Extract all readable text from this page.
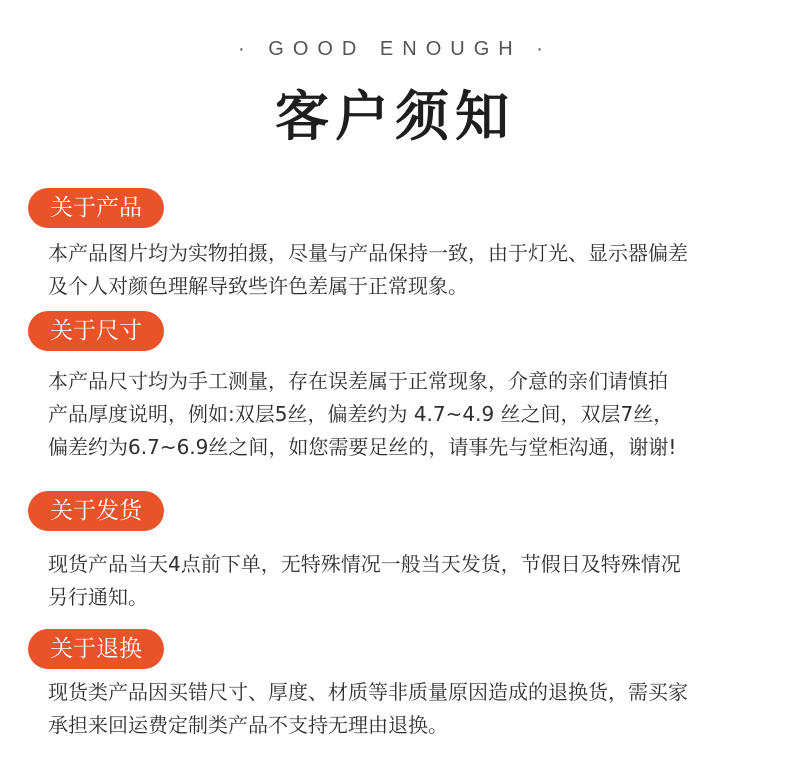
· GOOD ENOUGH ·
客户须知
关于产品
本产品图片均为实物拍摄，尽量与产品保持一致，由于灯光、显示器偏差
及个人对颜色理解导致些许色差属于正常现象。
关于尺寸
本产品尺寸均为手工测量，存在误差属于正常现象，介意的亲们请慎拍
产品厚度说明，例如:双层5丝，偏差约为 4.7~4.9 丝之间，双层7丝，
偏差约为6.7~6.9丝之间，如您需要足丝的，请事先与堂柜沟通，谢谢!
关于发货
现货产品当天4点前下单，无特殊情况一般当天发货，节假日及特殊情况
另行通知。
关于退换
现货类产品因买错尺寸、厚度、材质等非质量原因造成的退换货，需买家
承担来回运费定制类产品不支持无理由退换。
